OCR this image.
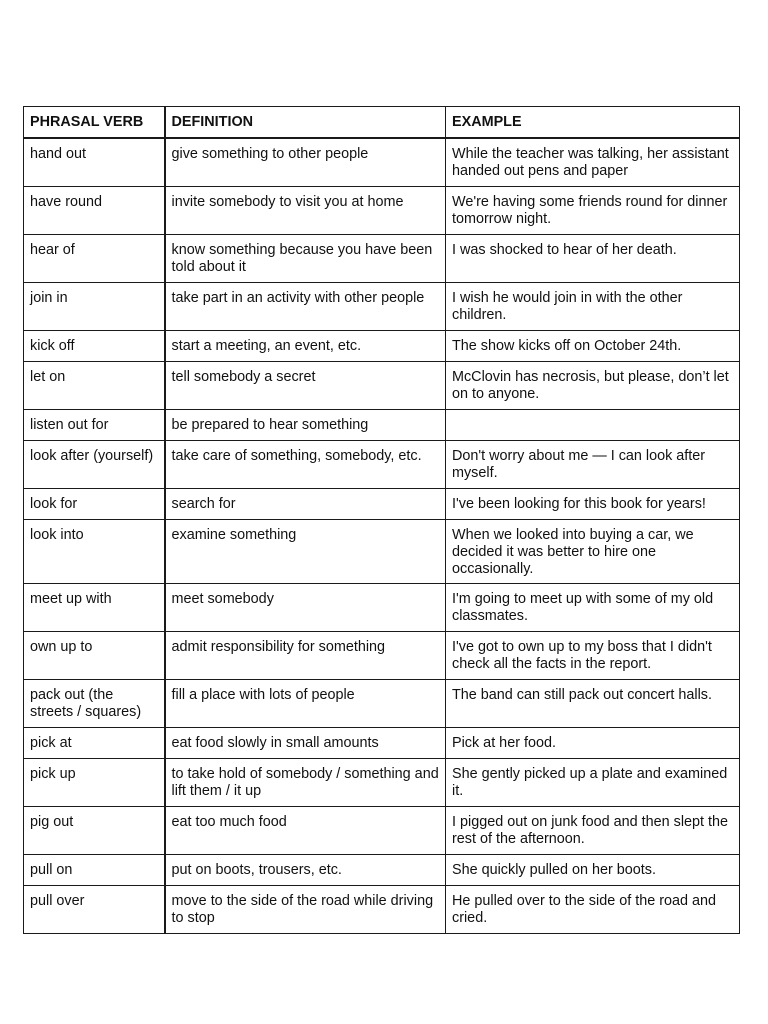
PHRASAL VERB	DEFINITION	EXAMPLE
hand out	give something to other people	While the teacher was talking, her assistant handed out pens and paper
have round	invite somebody to visit you at home	We're having some friends round for dinner tomorrow night.
hear of	know something because you have been told about it	I was shocked to hear of her death.
join in	take part in an activity with other people	I wish he would join in with the other children.
kick off	start a meeting, an event, etc.	The show kicks off on October 24th.
let on	tell somebody a secret	McClovin has necrosis, but please, don’t let on to anyone.
listen out for	be prepared to hear something	
look after (yourself)	take care of something, somebody, etc.	Don't worry about me — I can look after myself.
look for	search for	I've been looking for this book for years!
look into	examine something	When we looked into buying a car, we decided it was better to hire one occasionally.
meet up with	meet somebody	I'm going to meet up with some of my old classmates.
own up to	admit responsibility for something	I've got to own up to my boss that I didn't check all the facts in the report.
pack out (the streets / squares)	fill a place with lots of people	The band can still pack out concert halls.
pick at	eat food slowly in small amounts	Pick at her food.
pick up	to take hold of somebody / something and lift them / it up	She gently picked up a plate and examined it.
pig out	eat too much food	I pigged out on junk food and then slept the rest of the afternoon.
pull on	put on boots, trousers, etc.	She quickly pulled on her boots.
pull over	move to the side of the road while driving to stop	He pulled over to the side of the road and cried.
